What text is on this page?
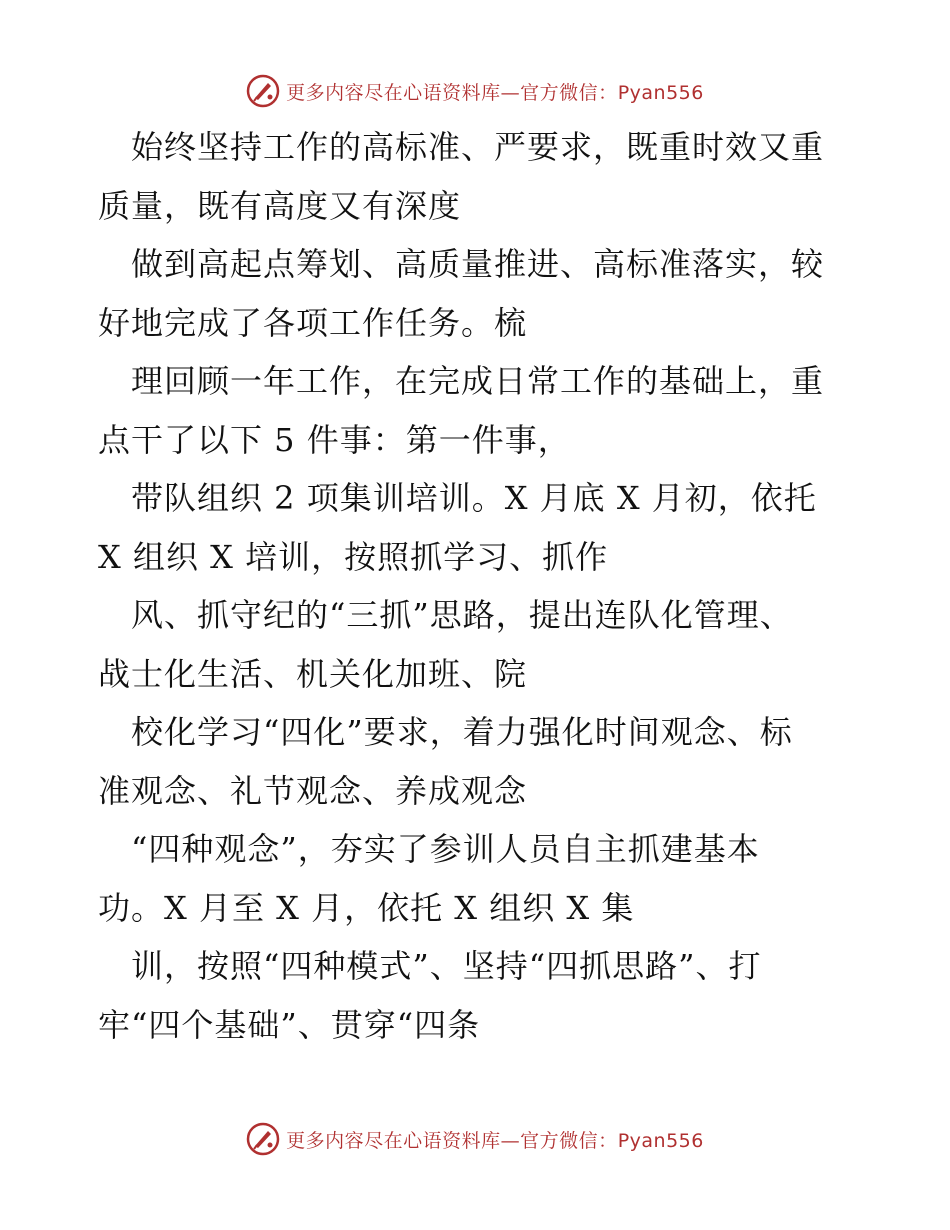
更多内容尽在心语资料库—官方微信：Pyan556

　始终坚持工作的高标准、严要求，既重时效又重

质量，既有高度又有深度

　做到高起点筹划、高质量推进、高标准落实，较

好地完成了各项工作任务。梳

　理回顾一年工作，在完成日常工作的基础上，重

点干了以下 5 件事：第一件事，

　带队组织 2 项集训培训。X 月底 X 月初，依托

X 组织 X 培训，按照抓学习、抓作

　风、抓守纪的“三抓”思路，提出连队化管理、

战士化生活、机关化加班、院

　校化学习“四化”要求，着力强化时间观念、标

准观念、礼节观念、养成观念

　“四种观念”，夯实了参训人员自主抓建基本

功。X 月至 X 月，依托 X 组织 X 集

　训，按照“四种模式”、坚持“四抓思路”、打

牢“四个基础”、贯穿“四条

更多内容尽在心语资料库—官方微信：Pyan556
